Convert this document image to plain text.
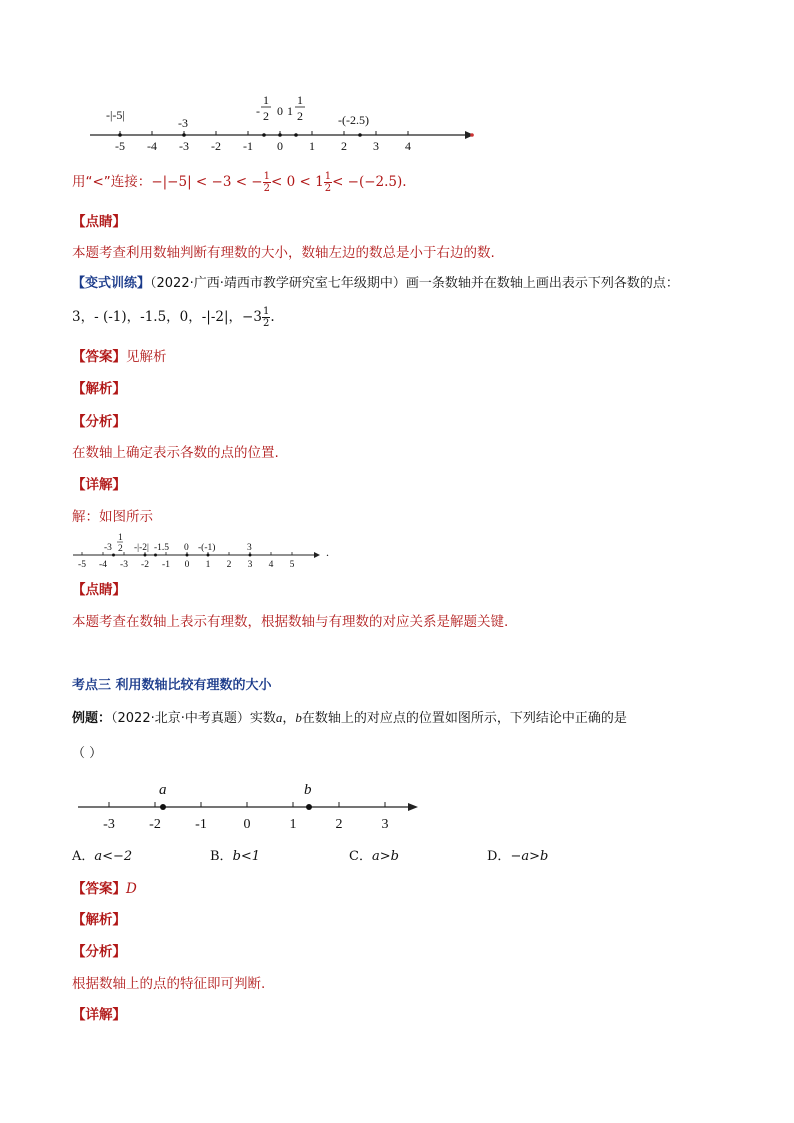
-5 -4 -3 -2 -1 0 1 2 3 4
-|-5|
-3
-
1
2 0 1
1
2	-(-2.5)
用“<”连接：−|−5| < −3 < − $\frac{1}{2} < 0 < 1 \frac{1}{2} < -(-2.5)$.
【点睛】
本题考查利用数轴判断有理数的大小，数轴左边的数总是小于右边的数.
【变式训练】（2022·广西·靖西市教学研究室七年级期中）画一条数轴并在数轴上画出表示下列各数的点：
3，- (-1)，-1.5，0，-|-2|，$-3 \frac{1}{2}$ .
【答案】见解析
【解析】
【分析】
在数轴上确定表示各数的点的位置.
【详解】
解：如图所示
-5 -4 -3 -2 -1 0 1 2 3 4 5
-3
1
2 -|-2| -1.5 0 -(-1)	3	.
【点睛】
本题考查在数轴上表示有理数，根据数轴与有理数的对应关系是解题关键.
考点三 利用数轴比较有理数的大小
例题：（2022·北京·中考真题）实数a，b在数轴上的对应点的位置如图所示，下列结论中正确的是
（ ）
a	b
-3 -2 -1	0	1	2	3
A．a<−2	B．b<1	C．a>b	D．−a>b
【答案】D
【解析】
【分析】
根据数轴上的点的特征即可判断.
【详解】
